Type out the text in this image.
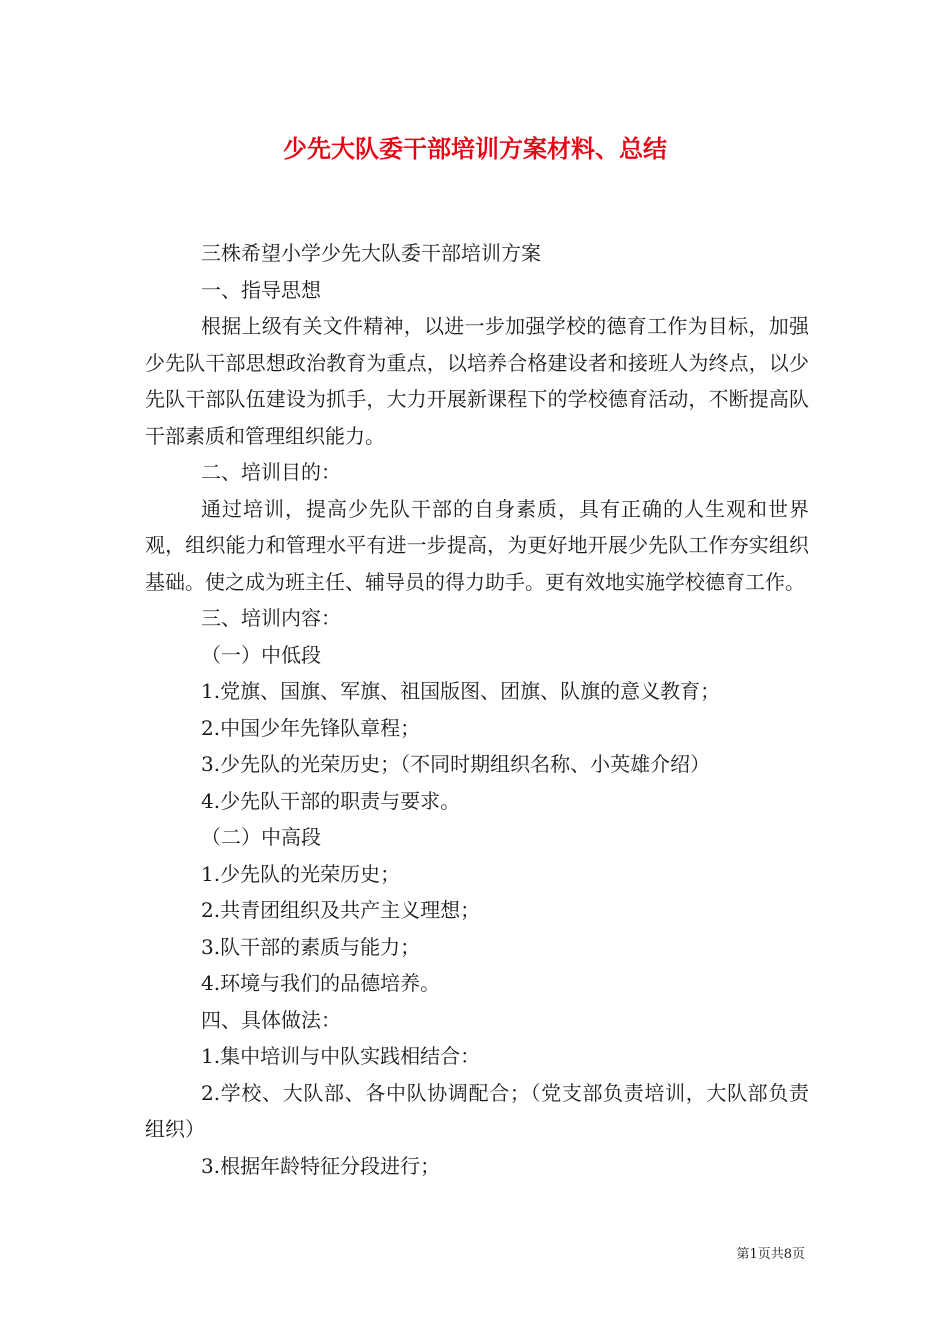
少先大队委干部培训方案材料、总结

三株希望小学少先大队委干部培训方案

一、指导思想

根据上级有关文件精神，以进一步加强学校的德育工作为目标，加强少先队干部思想政治教育为重点，以培养合格建设者和接班人为终点，以少先队干部队伍建设为抓手，大力开展新课程下的学校德育活动，不断提高队干部素质和管理组织能力。

二、培训目的：

通过培训，提高少先队干部的自身素质，具有正确的人生观和世界观，组织能力和管理水平有进一步提高，为更好地开展少先队工作夯实组织基础。使之成为班主任、辅导员的得力助手。更有效地实施学校德育工作。

三、培训内容：

（一）中低段

1.党旗、国旗、军旗、祖国版图、团旗、队旗的意义教育；

2.中国少年先锋队章程；

3.少先队的光荣历史；（不同时期组织名称、小英雄介绍）

4.少先队干部的职责与要求。

（二）中高段

1.少先队的光荣历史；

2.共青团组织及共产主义理想；

3.队干部的素质与能力；

4.环境与我们的品德培养。

四、具体做法：

1.集中培训与中队实践相结合：

2.学校、大队部、各中队协调配合；（党支部负责培训，大队部负责组织）

3.根据年龄特征分段进行；

第1页共8页
